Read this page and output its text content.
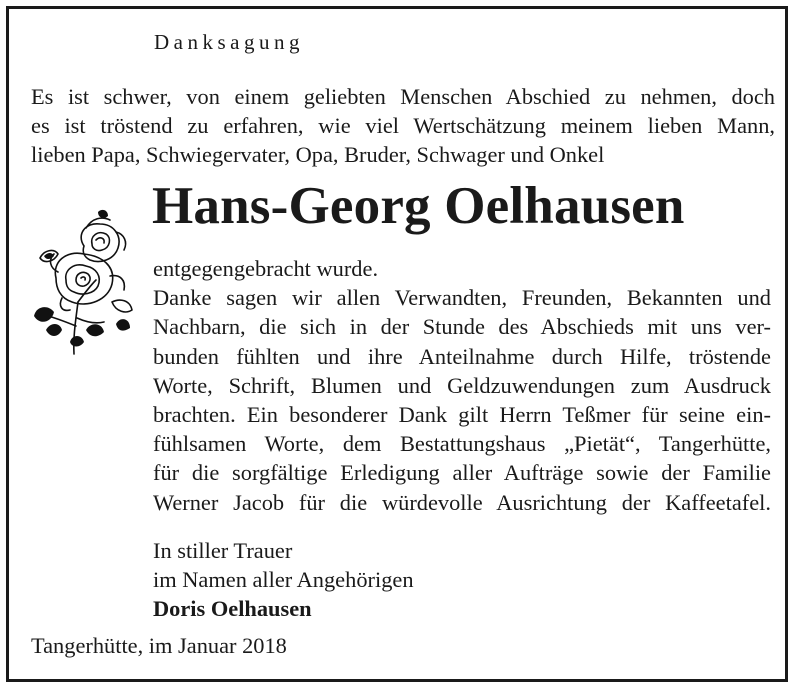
Danksagung
Es ist schwer, von einem geliebten Menschen Abschied zu nehmen, doch
es ist tröstend zu erfahren, wie viel Wertschätzung meinem lieben Mann,
lieben Papa, Schwiegervater, Opa, Bruder, Schwager und Onkel
Hans-Georg Oelhausen
entgegengebracht wurde.
Danke sagen wir allen Verwandten, Freunden, Bekannten und
Nachbarn, die sich in der Stunde des Abschieds mit uns ver-
bunden fühlten und ihre Anteilnahme durch Hilfe, tröstende
Worte, Schrift, Blumen und Geldzuwendungen zum Ausdruck
brachten. Ein besonderer Dank gilt Herrn Teßmer für seine ein-
fühlsamen Worte, dem Bestattungshaus „Pietät“, Tangerhütte,
für die sorgfältige Erledigung aller Aufträge sowie der Familie
Werner Jacob für die würdevolle Ausrichtung der Kaffeetafel.
In stiller Trauer
im Namen aller Angehörigen
Doris Oelhausen
Tangerhütte, im Januar 2018
